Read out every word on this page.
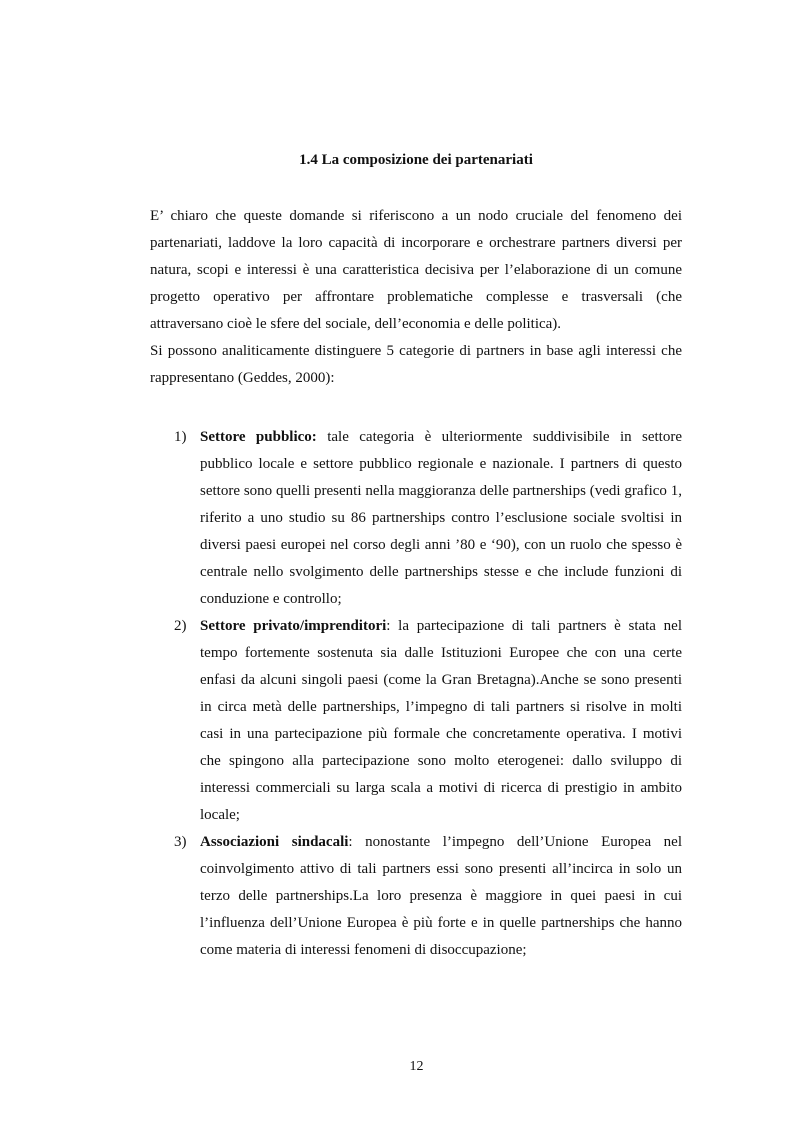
1.4 La composizione dei partenariati

E’ chiaro che queste domande si riferiscono a un nodo cruciale del fenomeno dei partenariati, laddove la loro capacità di incorporare e orchestrare partners diversi per natura, scopi e interessi è una caratteristica decisiva per l’elaborazione di un comune progetto operativo per affrontare problematiche complesse e trasversali (che attraversano cioè le sfere del sociale, dell’economia e delle politica).

Si possono analiticamente distinguere 5 categorie di partners in base agli interessi che rappresentano (Geddes, 2000):

1) Settore pubblico: tale categoria è ulteriormente suddivisibile in settore pubblico locale e settore pubblico regionale e nazionale. I partners di questo settore sono quelli presenti nella maggioranza delle partnerships (vedi grafico 1, riferito a uno studio su 86 partnerships contro l’esclusione sociale svoltisi in diversi paesi europei nel corso degli anni ’80 e ‘90), con un ruolo che spesso è centrale nello svolgimento delle partnerships stesse e che include funzioni di conduzione e controllo;
2) Settore privato/imprenditori: la partecipazione di tali partners è stata nel tempo fortemente sostenuta sia dalle Istituzioni Europee che con una certe enfasi da alcuni singoli paesi (come la Gran Bretagna).Anche se sono presenti in circa metà delle partnerships, l’impegno di tali partners si risolve in molti casi in una partecipazione più formale che concretamente operativa. I motivi che spingono alla partecipazione sono molto eterogenei: dallo sviluppo di interessi commerciali su larga scala a motivi di ricerca di prestigio in ambito locale;
3) Associazioni sindacali: nonostante l’impegno dell’Unione Europea nel coinvolgimento attivo di tali partners essi sono presenti all’incirca in solo un terzo delle partnerships.La loro presenza è maggiore in quei paesi in cui l’influenza dell’Unione Europea è più forte e in quelle partnerships che hanno come materia di interessi fenomeni di disoccupazione;
12
